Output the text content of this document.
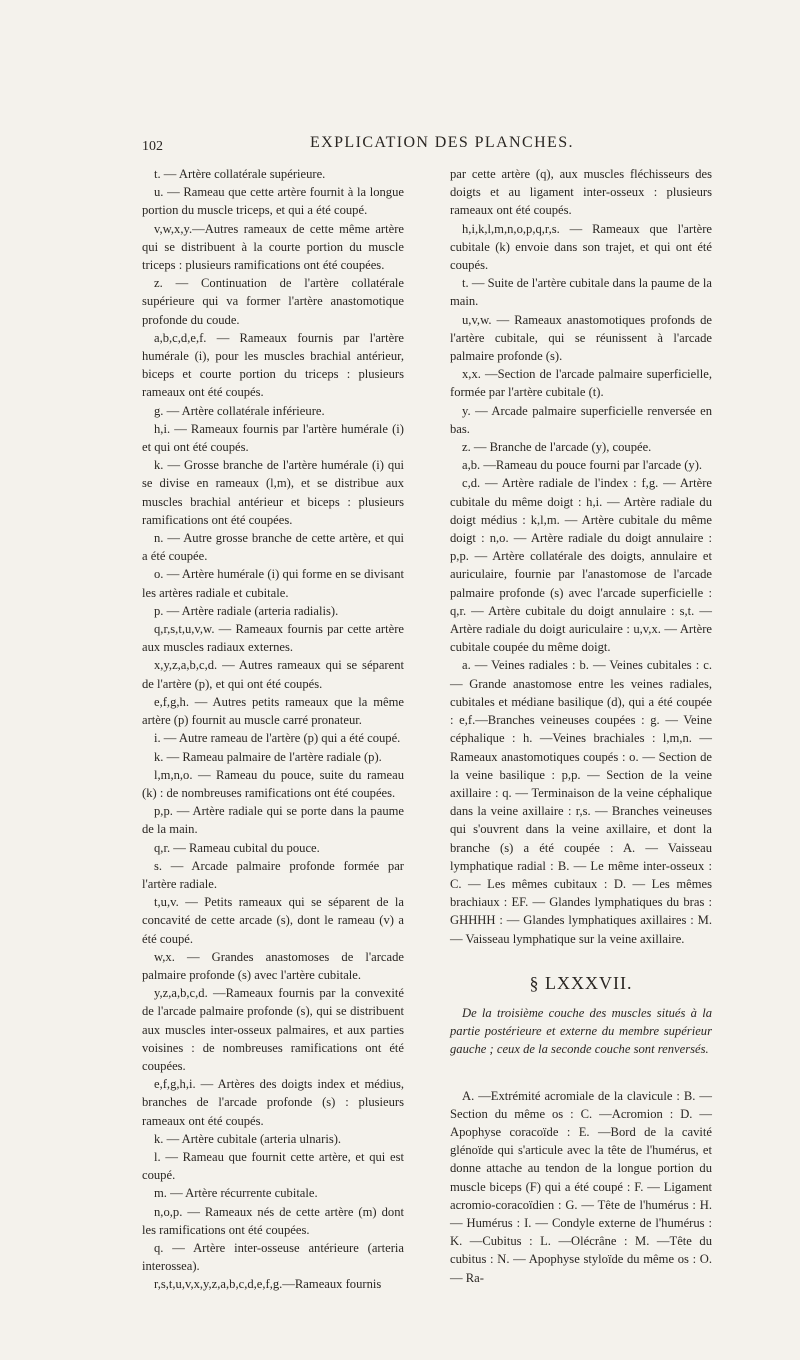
102	EXPLICATION DES PLANCHES.

t. — Artère collatérale supérieure.

u. — Rameau que cette artère fournit à la longue portion du muscle triceps, et qui a été coupé.

v,w,x,y.—Autres rameaux de cette même artère qui se distribuent à la courte portion du muscle triceps : plusieurs ramifications ont été coupées.

z. — Continuation de l'artère collatérale supérieure qui va former l'artère anastomotique profonde du coude.

a,b,c,d,e,f. — Rameaux fournis par l'artère humérale (i), pour les muscles brachial antérieur, biceps et courte portion du triceps : plusieurs rameaux ont été coupés.

g. — Artère collatérale inférieure.

h,i. — Rameaux fournis par l'artère humérale (i) et qui ont été coupés.

k. — Grosse branche de l'artère humérale (i) qui se divise en rameaux (l,m), et se distribue aux muscles brachial antérieur et biceps : plusieurs ramifications ont été coupées.

n. — Autre grosse branche de cette artère, et qui a été coupée.

o. — Artère humérale (i) qui forme en se divisant les artères radiale et cubitale.

p. — Artère radiale (arteria radialis).

q,r,s,t,u,v,w. — Rameaux fournis par cette artère aux muscles radiaux externes.

x,y,z,a,b,c,d. — Autres rameaux qui se séparent de l'artère (p), et qui ont été coupés.

e,f,g,h. — Autres petits rameaux que la même artère (p) fournit au muscle carré pronateur.

i. — Autre rameau de l'artère (p) qui a été coupé.

k. — Rameau palmaire de l'artère radiale (p).

l,m,n,o. — Rameau du pouce, suite du rameau (k) : de nombreuses ramifications ont été coupées.

p,p. — Artère radiale qui se porte dans la paume de la main.

q,r. — Rameau cubital du pouce.

s. — Arcade palmaire profonde formée par l'artère radiale.

t,u,v. — Petits rameaux qui se séparent de la concavité de cette arcade (s), dont le rameau (v) a été coupé.

w,x. — Grandes anastomoses de l'arcade palmaire profonde (s) avec l'artère cubitale.

y,z,a,b,c,d. —Rameaux fournis par la convexité de l'arcade palmaire profonde (s), qui se distribuent aux muscles inter-osseux palmaires, et aux parties voisines : de nombreuses ramifications ont été coupées.

e,f,g,h,i. — Artères des doigts index et médius, branches de l'arcade profonde (s) : plusieurs rameaux ont été coupés.

k. — Artère cubitale (arteria ulnaris).

l. — Rameau que fournit cette artère, et qui est coupé.

m. — Artère récurrente cubitale.

n,o,p. — Rameaux nés de cette artère (m) dont les ramifications ont été coupées.

q. — Artère inter-osseuse antérieure (arteria interossea).

r,s,t,u,v,x,y,z,a,b,c,d,e,f,g.—Rameaux fournis

par cette artère (q), aux muscles fléchisseurs des doigts et au ligament inter-osseux : plusieurs rameaux ont été coupés.

h,i,k,l,m,n,o,p,q,r,s. — Rameaux que l'artère cubitale (k) envoie dans son trajet, et qui ont été coupés.

t. — Suite de l'artère cubitale dans la paume de la main.

u,v,w. — Rameaux anastomotiques profonds de l'artère cubitale, qui se réunissent à l'arcade palmaire profonde (s).

x,x. —Section de l'arcade palmaire superficielle, formée par l'artère cubitale (t).

y. — Arcade palmaire superficielle renversée en bas.

z. — Branche de l'arcade (y), coupée.

a,b. —Rameau du pouce fourni par l'arcade (y).

c,d. — Artère radiale de l'index : f,g. — Artère cubitale du même doigt : h,i. — Artère radiale du doigt médius : k,l,m. — Artère cubitale du même doigt : n,o. — Artère radiale du doigt annulaire : p,p. — Artère collatérale des doigts, annulaire et auriculaire, fournie par l'anastomose de l'arcade palmaire profonde (s) avec l'arcade superficielle : q,r. — Artère cubitale du doigt annulaire : s,t. — Artère radiale du doigt auriculaire : u,v,x. — Artère cubitale coupée du même doigt.

a. — Veines radiales : b. — Veines cubitales : c. — Grande anastomose entre les veines radiales, cubitales et médiane basilique (d), qui a été coupée : e,f.—Branches veineuses coupées : g. — Veine céphalique : h. —Veines brachiales : l,m,n. — Rameaux anastomotiques coupés : o. — Section de la veine basilique : p,p. — Section de la veine axillaire : q. — Terminaison de la veine céphalique dans la veine axillaire : r,s. — Branches veineuses qui s'ouvrent dans la veine axillaire, et dont la branche (s) a été coupée : A. — Vaisseau lymphatique radial : B. — Le même inter-osseux : C. — Les mêmes cubitaux : D. — Les mêmes brachiaux : EF. — Glandes lymphatiques du bras : GHHHH : — Glandes lymphatiques axillaires : M. — Vaisseau lymphatique sur la veine axillaire.

§ LXXXVII.

De la troisième couche des muscles situés à la partie postérieure et externe du membre supérieur gauche ; ceux de la seconde couche sont renversés.

A. —Extrémité acromiale de la clavicule : B. — Section du même os : C. —Acromion : D. —Apophyse coracoïde : E. —Bord de la cavité glénoïde qui s'articule avec la tête de l'humérus, et donne attache au tendon de la longue portion du muscle biceps (F) qui a été coupé : F. — Ligament acromio-coracoïdien : G. — Tête de l'humérus : H. — Humérus : I. — Condyle externe de l'humérus : K. —Cubitus : L. —Olécrâne : M. —Tête du cubitus : N. — Apophyse styloïde du même os : O. — Ra-
